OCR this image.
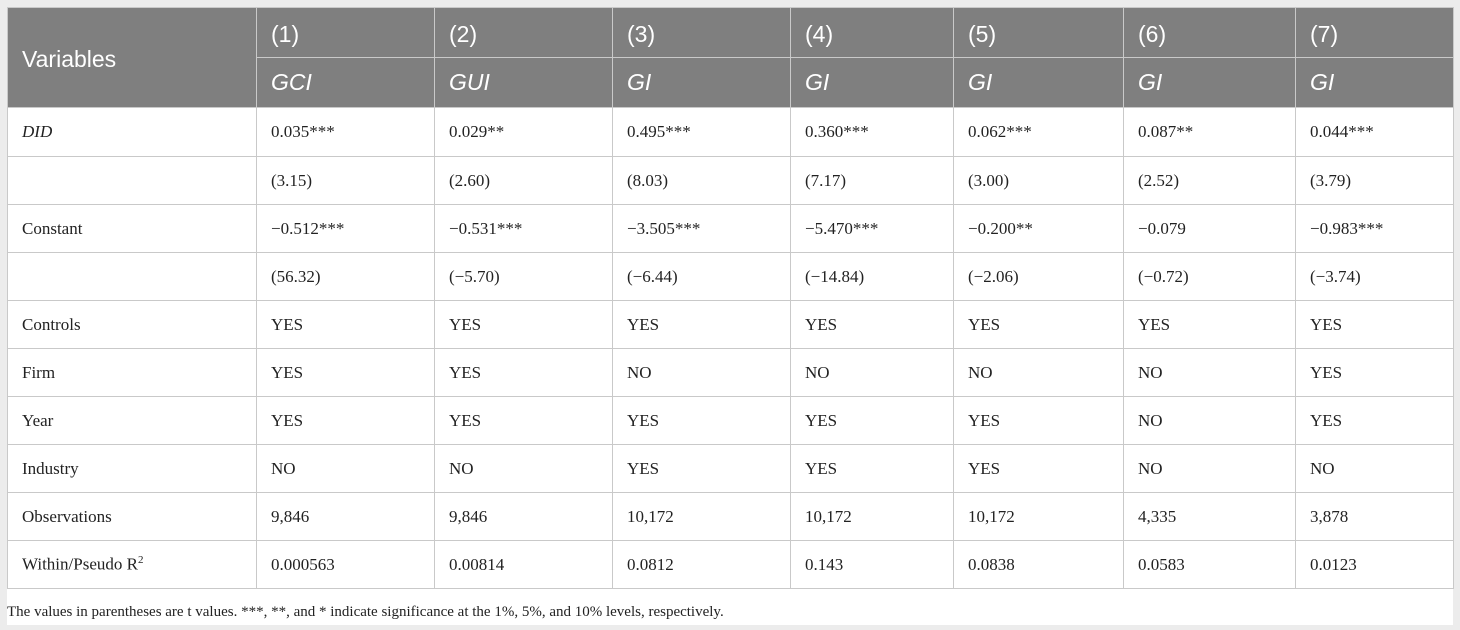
Variables	(1)	(2)	(3)	(4)	(5)	(6)	(7)
	GCI	GUI	GI	GI	GI	GI	GI
DID	0.035***	0.029**	0.495***	0.360***	0.062***	0.087**	0.044***
	(3.15)	(2.60)	(8.03)	(7.17)	(3.00)	(2.52)	(3.79)
Constant	−0.512***	−0.531***	−3.505***	−5.470***	−0.200**	−0.079	−0.983***
	(56.32)	(−5.70)	(−6.44)	(−14.84)	(−2.06)	(−0.72)	(−3.74)
Controls	YES	YES	YES	YES	YES	YES	YES
Firm	YES	YES	NO	NO	NO	NO	YES
Year	YES	YES	YES	YES	YES	NO	YES
Industry	NO	NO	YES	YES	YES	NO	NO
Observations	9,846	9,846	10,172	10,172	10,172	4,335	3,878
Within/Pseudo $R^2$	0.000563	0.00814	0.0812	0.143	0.0838	0.0583	0.0123
The values in parentheses are t values. ***, **, and * indicate significance at the 1%, 5%, and 10% levels, respectively.
